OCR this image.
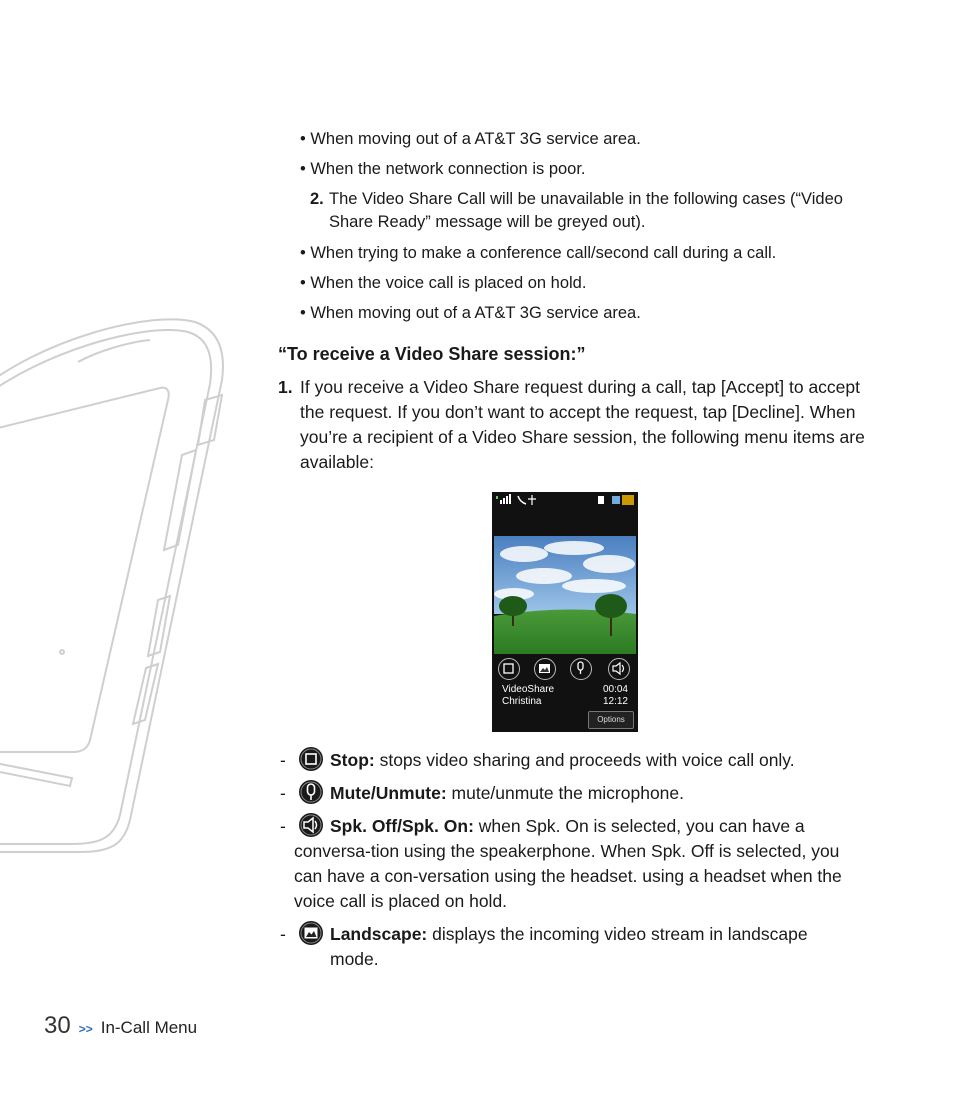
• When moving out of a AT&T 3G service area.
• When the network connection is poor.
2. The Video Share Call will be unavailable in the following cases (“Video Share Ready” message will be greyed out).
• When trying to make a conference call/second call during a call.
• When the voice call is placed on hold.
• When moving out of a AT&T 3G service area.
“To receive a Video Share session:”
1. If you receive a Video Share request during a call, tap [Accept] to accept the request. If you don’t want to accept the request, tap [Decline]. When you’re a recipient of a Video Share session, the following menu items are available:
VideoShare	00:04
Christina	12:12
Options
-	Stop: stops video sharing and proceeds with voice call only.
-	Mute/Unmute: mute/unmute the microphone.
-	Spk. Off/Spk. On: when Spk. On is selected, you can have a conversa-tion using the speakerphone. When Spk. Off is selected, you can have a con-versation using the headset. using a headset when the voice call is placed on hold.
-	Landscape: displays the incoming video stream in landscape mode.
30 >> In-Call Menu
